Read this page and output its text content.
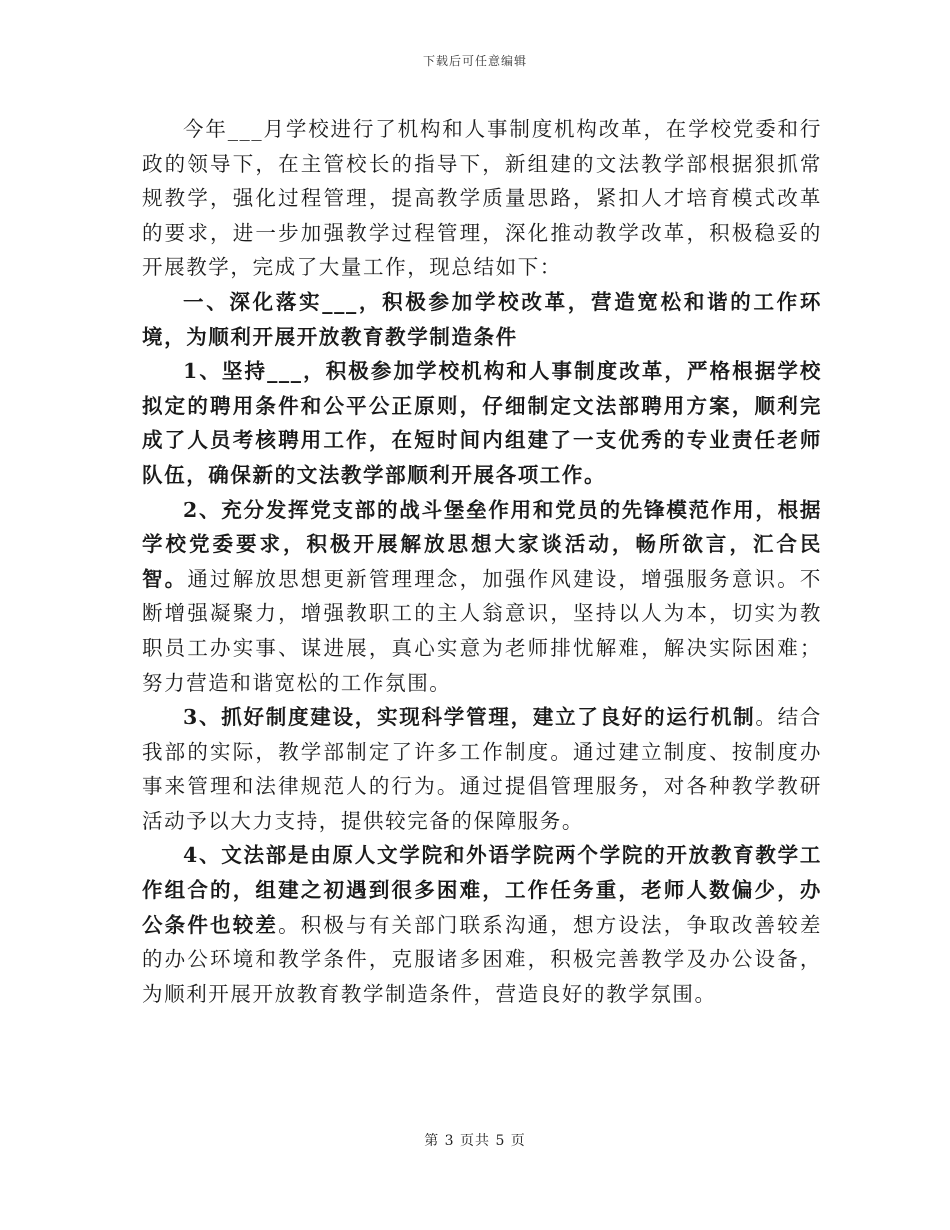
下载后可任意编辑

今年___月学校进行了机构和人事制度机构改革，在学校党委和行政的领导下，在主管校长的指导下，新组建的文法教学部根据狠抓常规教学，强化过程管理，提高教学质量思路，紧扣人才培育模式改革的要求，进一步加强教学过程管理，深化推动教学改革，积极稳妥的开展教学，完成了大量工作，现总结如下：

一、深化落实___，积极参加学校改革，营造宽松和谐的工作环境，为顺利开展开放教育教学制造条件

1、坚持___，积极参加学校机构和人事制度改革，严格根据学校拟定的聘用条件和公平公正原则，仔细制定文法部聘用方案，顺利完成了人员考核聘用工作，在短时间内组建了一支优秀的专业责任老师队伍，确保新的文法教学部顺利开展各项工作。

2、充分发挥党支部的战斗堡垒作用和党员的先锋模范作用，根据学校党委要求，积极开展解放思想大家谈活动，畅所欲言，汇合民智。通过解放思想更新管理理念，加强作风建设，增强服务意识。不断增强凝聚力，增强教职工的主人翁意识，坚持以人为本，切实为教职员工办实事、谋进展，真心实意为老师排忧解难，解决实际困难；努力营造和谐宽松的工作氛围。

3、抓好制度建设，实现科学管理，建立了良好的运行机制。结合我部的实际，教学部制定了许多工作制度。通过建立制度、按制度办事来管理和法律规范人的行为。通过提倡管理服务，对各种教学教研活动予以大力支持，提供较完备的保障服务。

4、文法部是由原人文学院和外语学院两个学院的开放教育教学工作组合的，组建之初遇到很多困难，工作任务重，老师人数偏少，办公条件也较差。积极与有关部门联系沟通，想方设法，争取改善较差的办公环境和教学条件，克服诸多困难，积极完善教学及办公设备，为顺利开展开放教育教学制造条件，营造良好的教学氛围。

第 3 页共 5 页
